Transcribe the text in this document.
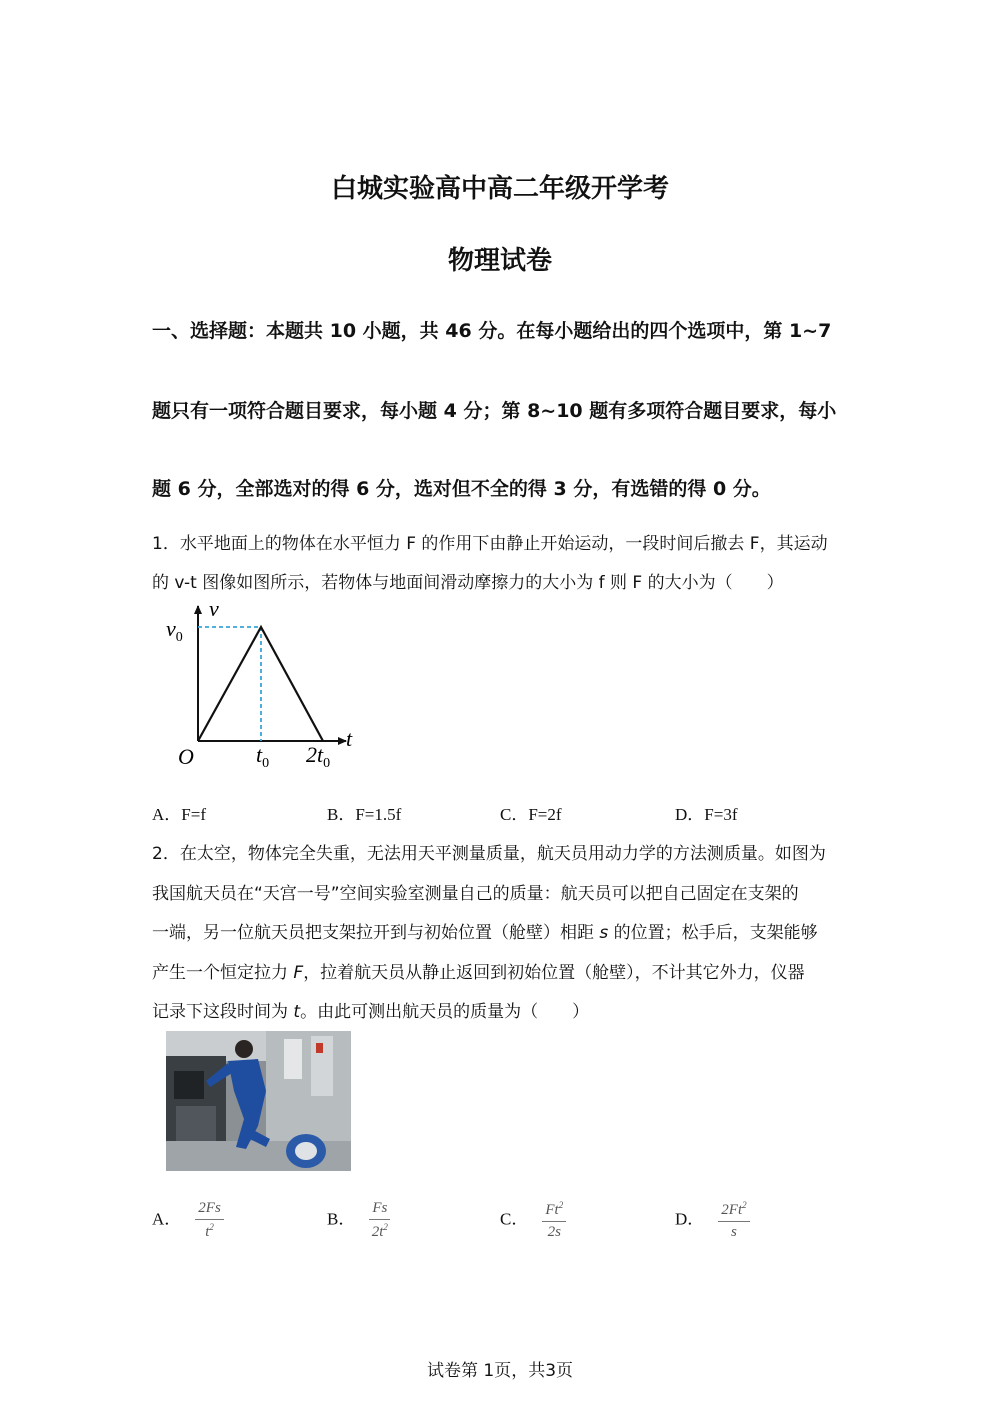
白城实验高中高二年级开学考
物理试卷
一、选择题：本题共 10 小题，共 46 分。在每小题给出的四个选项中，第 1~7
题只有一项符合题目要求，每小题 4 分；第 8~10 题有多项符合题目要求，每小
题 6 分，全部选对的得 6 分，选对但不全的得 3 分，有选错的得 0 分。
1．水平地面上的物体在水平恒力 F 的作用下由静止开始运动，一段时间后撤去 F，其运动
的 v-t 图像如图所示，若物体与地面间滑动摩擦力的大小为 f 则 F 的大小为（　　）
v
t
O
$v_0$
$t_0$ $2t_0$
A．F=f	B．F=1.5f	C．F=2f	D．F=3f
2．在太空，物体完全失重，无法用天平测量质量，航天员用动力学的方法测质量。如图为
我国航天员在“天宫一号”空间实验室测量自己的质量：航天员可以把自己固定在支架的
一端，另一位航天员把支架拉开到与初始位置（舱壁）相距 s 的位置；松手后，支架能够
产生一个恒定拉力 F，拉着航天员从静止返回到初始位置（舱壁），不计其它外力，仪器
记录下这段时间为 t。由此可测出航天员的质量为（　　）
A． $\frac{2Fs}{t^2}$	B． $\frac{Fs}{2t^2}$	C． $\frac{Ft^2}{2s}$	D． $\frac{2Ft^2}{s}$
试卷第 1页，共3页
